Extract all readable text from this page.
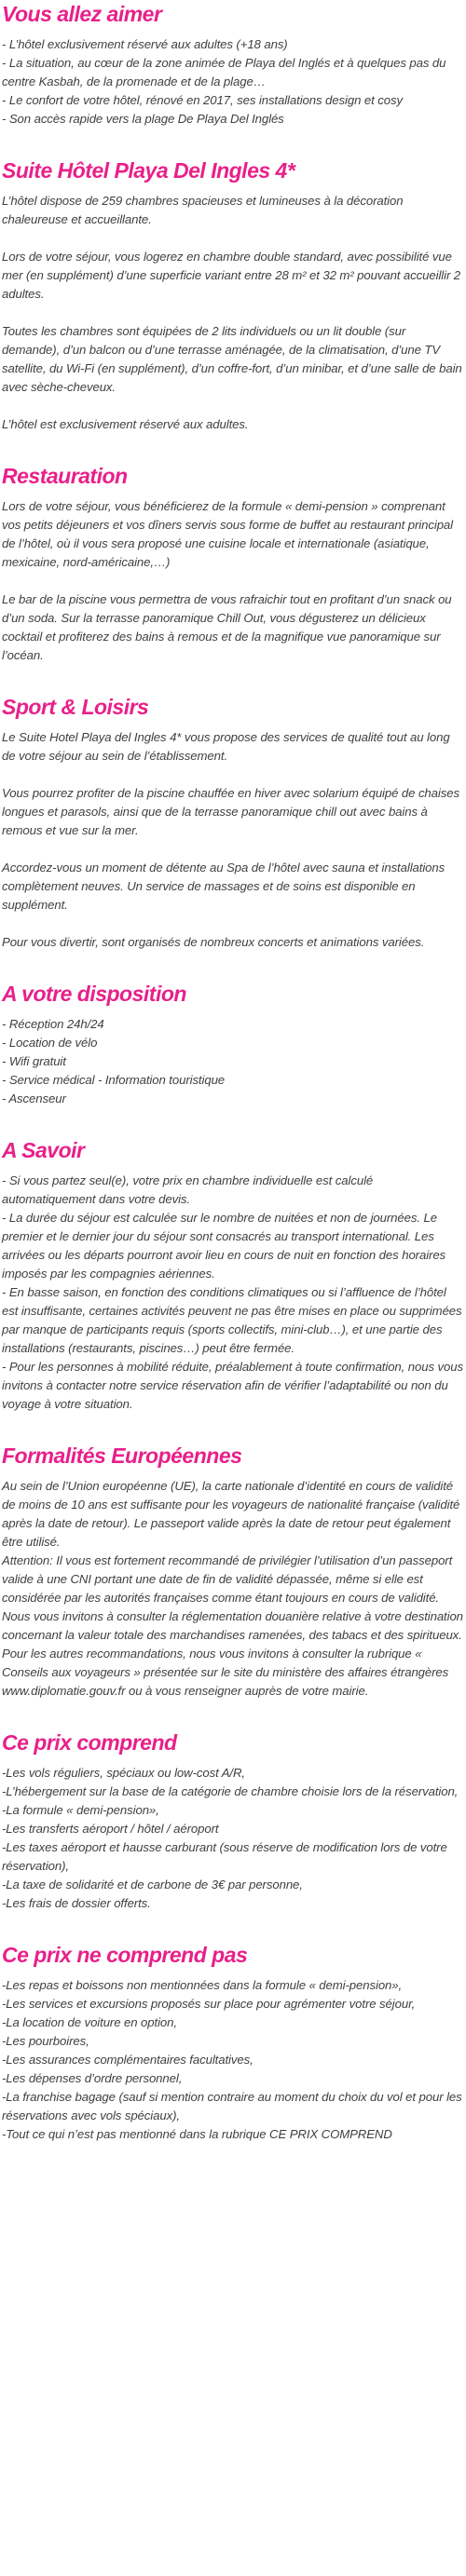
Vous allez aimer
- L’hôtel exclusivement réservé aux adultes (+18 ans)
- La situation, au cœur de la zone animée de Playa del Inglés et à quelques pas du centre Kasbah, de la promenade et de la plage…
- Le confort de votre hôtel, rénové en 2017, ses installations design et cosy
- Son accès rapide vers la plage De Playa Del Inglés
Suite Hôtel Playa Del Ingles 4*

L’hôtel dispose de 259 chambres spacieuses et lumineuses à la décoration chaleureuse et accueillante.

Lors de votre séjour, vous logerez en chambre double standard, avec possibilité vue mer (en supplément) d’une superficie variant entre 28 m² et 32 m² pouvant accueillir 2 adultes.

Toutes les chambres sont équipées de 2 lits individuels ou un lit double (sur demande), d’un balcon ou d’une terrasse aménagée, de la climatisation, d’une TV satellite, du Wi-Fi (en supplément), d’un coffre-fort, d’un minibar, et d’une salle de bain avec sèche-cheveux.

L’hôtel est exclusivement réservé aux adultes.

Restauration

Lors de votre séjour, vous bénéficierez de la formule « demi-pension » comprenant vos petits déjeuners et vos dîners servis sous forme de buffet au restaurant principal de l’hôtel, où il vous sera proposé une cuisine locale et internationale (asiatique, mexicaine, nord-américaine,…)

Le bar de la piscine vous permettra de vous rafraichir tout en profitant d’un snack ou d’un soda. Sur la terrasse panoramique Chill Out, vous dégusterez un délicieux cocktail et profiterez des bains à remous et de la magnifique vue panoramique sur l’océan.

Sport & Loisirs

Le Suite Hotel Playa del Ingles 4* vous propose des services de qualité tout au long de votre séjour au sein de l’établissement.

Vous pourrez profiter de la piscine chauffée en hiver avec solarium équipé de chaises longues et parasols, ainsi que de la terrasse panoramique chill out avec bains à remous et vue sur la mer.

Accordez-vous un moment de détente au Spa de l’hôtel avec sauna et installations complètement neuves. Un service de massages et de soins est disponible en supplément.

Pour vous divertir, sont organisés de nombreux concerts et animations variées.

A votre disposition
- Réception 24h/24
- Location de vélo
- Wifi gratuit
- Service médical - Information touristique
- Ascenseur
A Savoir
- Si vous partez seul(e), votre prix en chambre individuelle est calculé automatiquement dans votre devis.
- La durée du séjour est calculée sur le nombre de nuitées et non de journées. Le premier et le dernier jour du séjour sont consacrés au transport international. Les arrivées ou les départs pourront avoir lieu en cours de nuit en fonction des horaires imposés par les compagnies aériennes.
- En basse saison, en fonction des conditions climatiques ou si l’affluence de l’hôtel est insuffisante, certaines activités peuvent ne pas être mises en place ou supprimées par manque de participants requis (sports collectifs, mini-club…), et une partie des installations (restaurants, piscines…) peut être fermée.
- Pour les personnes à mobilité réduite, préalablement à toute confirmation, nous vous invitons à contacter notre service réservation afin de vérifier l’adaptabilité ou non du voyage à votre situation.
Formalités Européennes
Au sein de l’Union européenne (UE), la carte nationale d’identité en cours de validité de moins de 10 ans est suffisante pour les voyageurs de nationalité française (validité après la date de retour). Le passeport valide après la date de retour peut également être utilisé.
Attention: Il vous est fortement recommandé de privilégier l’utilisation d’un passeport valide à une CNI portant une date de fin de validité dépassée, même si elle est considérée par les autorités françaises comme étant toujours en cours de validité.
Nous vous invitons à consulter la réglementation douanière relative à votre destination concernant la valeur totale des marchandises ramenées, des tabacs et des spiritueux.
Pour les autres recommandations, nous vous invitons à consulter la rubrique « Conseils aux voyageurs » présentée sur le site du ministère des affaires étrangères www.diplomatie.gouv.fr ou à vous renseigner auprès de votre mairie.
Ce prix comprend
-Les vols réguliers, spéciaux ou low-cost A/R,
-L’hébergement sur la base de la catégorie de chambre choisie lors de la réservation,
-La formule « demi-pension»,
-Les transferts aéroport / hôtel / aéroport
-Les taxes aéroport et hausse carburant (sous réserve de modification lors de votre réservation),
-La taxe de solidarité et de carbone de 3€ par personne,
-Les frais de dossier offerts.
Ce prix ne comprend pas
-Les repas et boissons non mentionnées dans la formule « demi-pension»,
-Les services et excursions proposés sur place pour agrémenter votre séjour,
-La location de voiture en option,
-Les pourboires,
-Les assurances complémentaires facultatives,
-Les dépenses d’ordre personnel,
-La franchise bagage (sauf si mention contraire au moment du choix du vol et pour les réservations avec vols spéciaux),
-Tout ce qui n’est pas mentionné dans la rubrique CE PRIX COMPREND
